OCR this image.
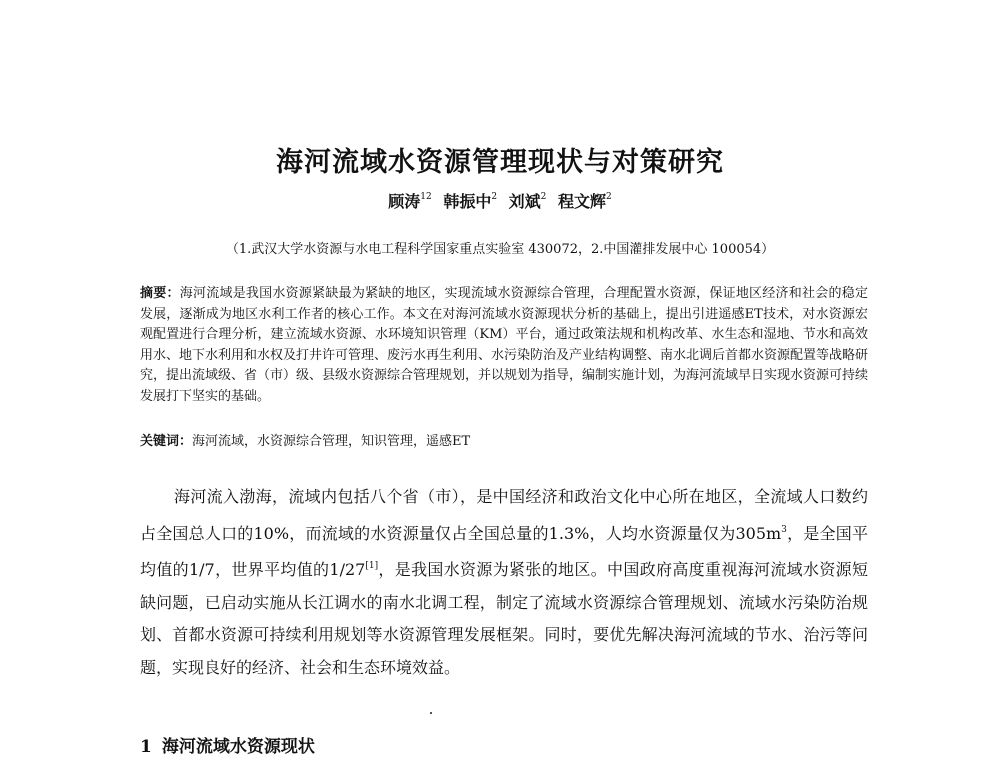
海河流域水资源管理现状与对策研究
顾涛$^{12}$ 韩振中$^2$ 刘斌$^2$ 程文辉$^2$
（1.武汉大学水资源与水电工程科学国家重点实验室 430072，2.中国灌排发展中心 100054）
摘要：海河流域是我国水资源紧缺最为紧缺的地区，实现流域水资源综合管理，合理配置水资源，保证地区经济和社会的稳定发展，逐渐成为地区水利工作者的核心工作。本文在对海河流域水资源现状分析的基础上，提出引进遥感ET技术，对水资源宏观配置进行合理分析，建立流域水资源、水环境知识管理（KM）平台，通过政策法规和机构改革、水生态和湿地、节水和高效用水、地下水利用和水权及打井许可管理、废污水再生利用、水污染防治及产业结构调整、南水北调后首都水资源配置等战略研究，提出流域级、省（市）级、县级水资源综合管理规划，并以规划为指导，编制实施计划，为海河流域早日实现水资源可持续发展打下坚实的基础。
关键词：海河流域，水资源综合管理，知识管理，遥感ET
海河流入渤海，流域内包括八个省（市），是中国经济和政治文化中心所在地区，全流域人口数约占全国总人口的10%，而流域的水资源量仅占全国总量的1.3%，人均水资源量仅为$305m^3$，是全国平均值的1/7，世界平均值的1/27[1]，是我国水资源为紧张的地区。中国政府高度重视海河流域水资源短缺问题，已启动实施从长江调水的南水北调工程，制定了流域水资源综合管理规划、流域水污染防治规划、首都水资源可持续利用规划等水资源管理发展框架。同时，要优先解决海河流域的节水、治污等问题，实现良好的经济、社会和生态环境效益。
1 海河流域水资源现状
